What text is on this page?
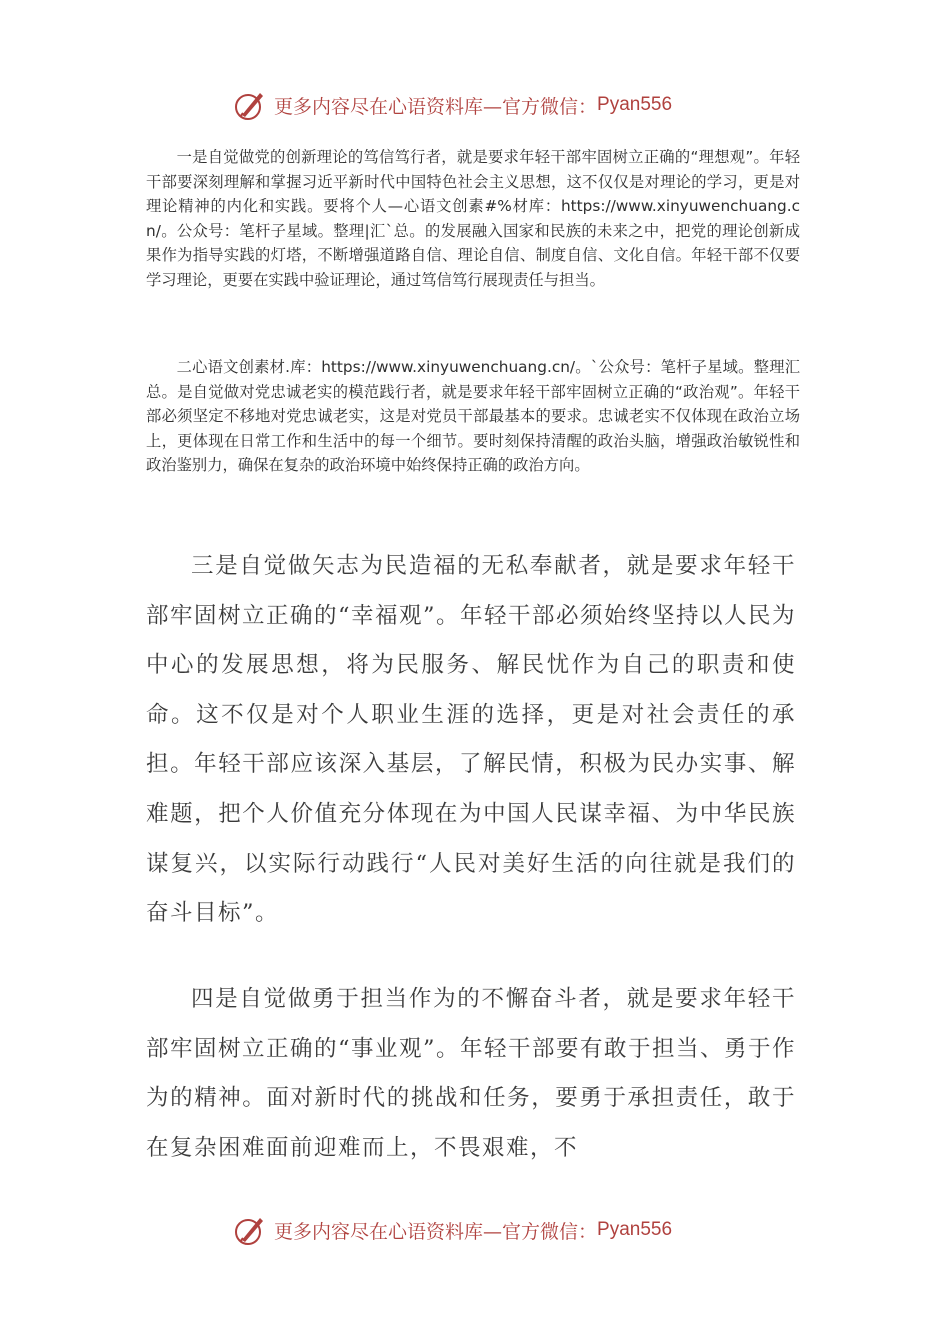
更多内容尽在心语资料库—官方微信： Pyan556

一是自觉做党的创新理论的笃信笃行者，就是要求年轻干部牢固树立正确的“理想观”。年轻干部要深刻理解和掌握习近平新时代中国特色社会主义思想，这不仅仅是对理论的学习，更是对理论精神的内化和实践。要将个人—心语文创素#%材库：https://www.xinyuwenchuang.cn/。公众号：笔杆子星域。整理|汇`总。的发展融入国家和民族的未来之中，把党的理论创新成果作为指导实践的灯塔，不断增强道路自信、理论自信、制度自信、文化自信。年轻干部不仅要学习理论，更要在实践中验证理论，通过笃信笃行展现责任与担当。

二心语文创素材.库：https://www.xinyuwenchuang.cn/。`公众号：笔杆子星域。整理汇总。是自觉做对党忠诚老实的模范践行者，就是要求年轻干部牢固树立正确的“政治观”。年轻干部必须坚定不移地对党忠诚老实，这是对党员干部最基本的要求。忠诚老实不仅体现在政治立场上，更体现在日常工作和生活中的每一个细节。要时刻保持清醒的政治头脑，增强政治敏锐性和政治鉴别力，确保在复杂的政治环境中始终保持正确的政治方向。

三是自觉做矢志为民造福的无私奉献者，就是要求年轻干部牢固树立正确的“幸福观”。年轻干部必须始终坚持以人民为中心的发展思想，将为民服务、解民忧作为自己的职责和使命。这不仅是对个人职业生涯的选择，更是对社会责任的承担。年轻干部应该深入基层，了解民情，积极为民办实事、解难题，把个人价值充分体现在为中国人民谋幸福、为中华民族谋复兴，以实际行动践行“人民对美好生活的向往就是我们的奋斗目标”。

四是自觉做勇于担当作为的不懈奋斗者，就是要求年轻干部牢固树立正确的“事业观”。年轻干部要有敢于担当、勇于作为的精神。面对新时代的挑战和任务，要勇于承担责任，敢于在复杂困难面前迎难而上，不畏艰难，不

更多内容尽在心语资料库—官方微信： Pyan556
